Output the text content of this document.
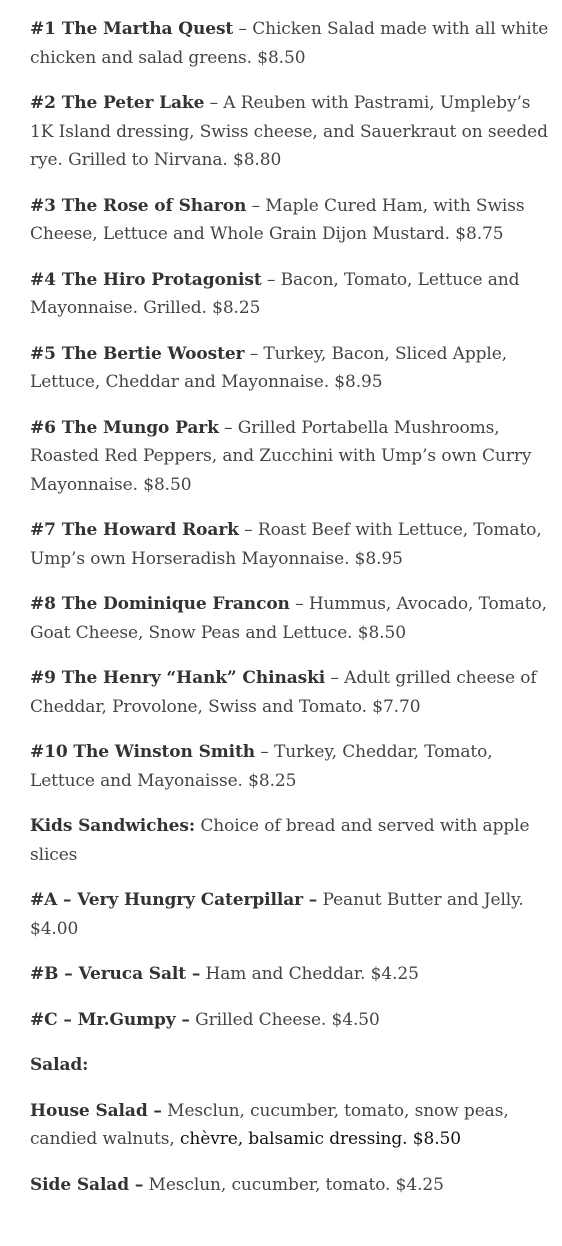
#1 The Martha Quest – Chicken Salad made with all white chicken and salad greens. $8.50

#2 The Peter Lake – A Reuben with Pastrami, Umpleby’s 1K Island dressing, Swiss cheese, and Sauerkraut on seeded rye. Grilled to Nirvana. $8.80

#3 The Rose of Sharon – Maple Cured Ham, with Swiss Cheese, Lettuce and Whole Grain Dijon Mustard. $8.75

#4 The Hiro Protagonist – Bacon, Tomato, Lettuce and Mayonnaise. Grilled. $8.25

#5 The Bertie Wooster – Turkey, Bacon, Sliced Apple, Lettuce, Cheddar and Mayonnaise. $8.95

#6 The Mungo Park – Grilled Portabella Mushrooms, Roasted Red Peppers, and Zucchini with Ump’s own Curry Mayonnaise. $8.50

#7 The Howard Roark – Roast Beef with Lettuce, Tomato, Ump’s own Horseradish Mayonnaise. $8.95

#8 The Dominique Francon – Hummus, Avocado, Tomato, Goat Cheese, Snow Peas and Lettuce. $8.50

#9 The Henry “Hank” Chinaski – Adult grilled cheese of Cheddar, Provolone, Swiss and Tomato. $7.70

#10 The Winston Smith – Turkey, Cheddar, Tomato, Lettuce and Mayonaisse. $8.25

Kids Sandwiches: Choice of bread and served with apple slices

#A – Very Hungry Caterpillar – Peanut Butter and Jelly. $4.00

#B – Veruca Salt – Ham and Cheddar. $4.25

#C – Mr.Gumpy – Grilled Cheese. $4.50

Salad:

House Salad – Mesclun, cucumber, tomato, snow peas, candied walnuts, chèvre, balsamic dressing. $8.50

Side Salad – Mesclun, cucumber, tomato. $4.25
